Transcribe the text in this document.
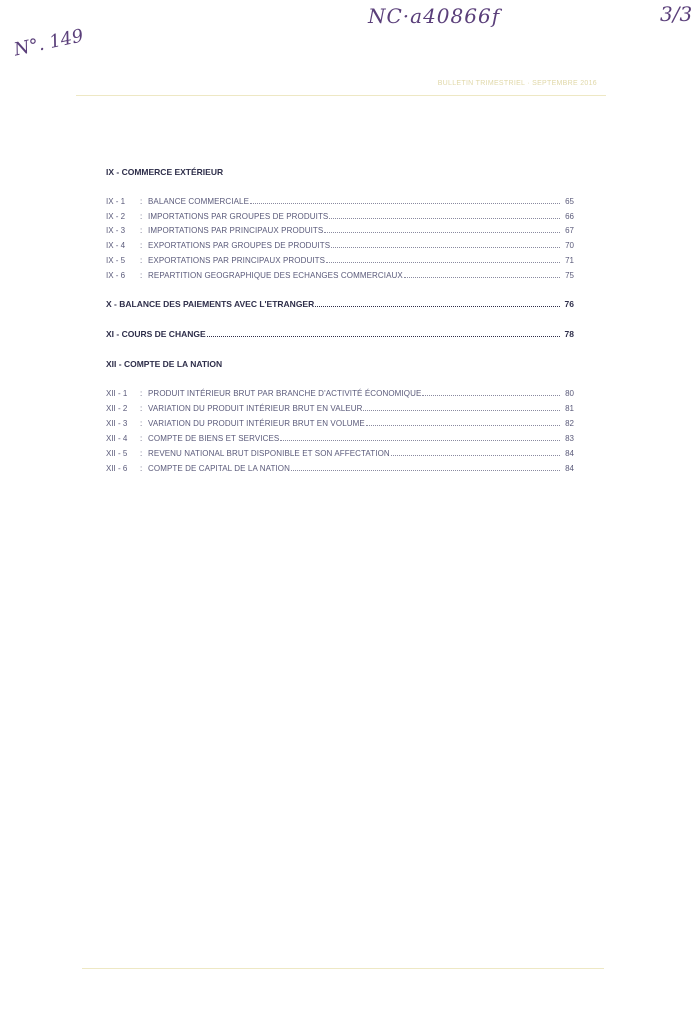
NC·a40866f	3/3
N°. 149
BULLETIN TRIMESTRIEL · SEPTEMBRE 2016
IX - COMMERCE EXTÉRIEUR
IX - 1	: BALANCE COMMERCIALE	65
IX - 2	: IMPORTATIONS PAR GROUPES DE PRODUITS	66
IX - 3	: IMPORTATIONS PAR PRINCIPAUX PRODUITS	67
IX - 4	: EXPORTATIONS PAR GROUPES DE PRODUITS	70
IX - 5	: EXPORTATIONS PAR PRINCIPAUX PRODUITS	71
IX - 6	: REPARTITION GEOGRAPHIQUE DES ECHANGES COMMERCIAUX	75
X - BALANCE DES PAIEMENTS AVEC L'ETRANGER	76
XI - COURS DE CHANGE	78
XII - COMPTE DE LA NATION
XII - 1	: PRODUIT INTÉRIEUR BRUT PAR BRANCHE D'ACTIVITÉ ÉCONOMIQUE	80
XII - 2	: VARIATION DU PRODUIT INTÉRIEUR BRUT EN VALEUR	81
XII - 3	: VARIATION DU PRODUIT INTÉRIEUR BRUT EN VOLUME	82
XII - 4	: COMPTE DE BIENS ET SERVICES	83
XII - 5	: REVENU NATIONAL BRUT DISPONIBLE ET SON AFFECTATION	84
XII - 6	: COMPTE DE CAPITAL DE LA NATION	84
